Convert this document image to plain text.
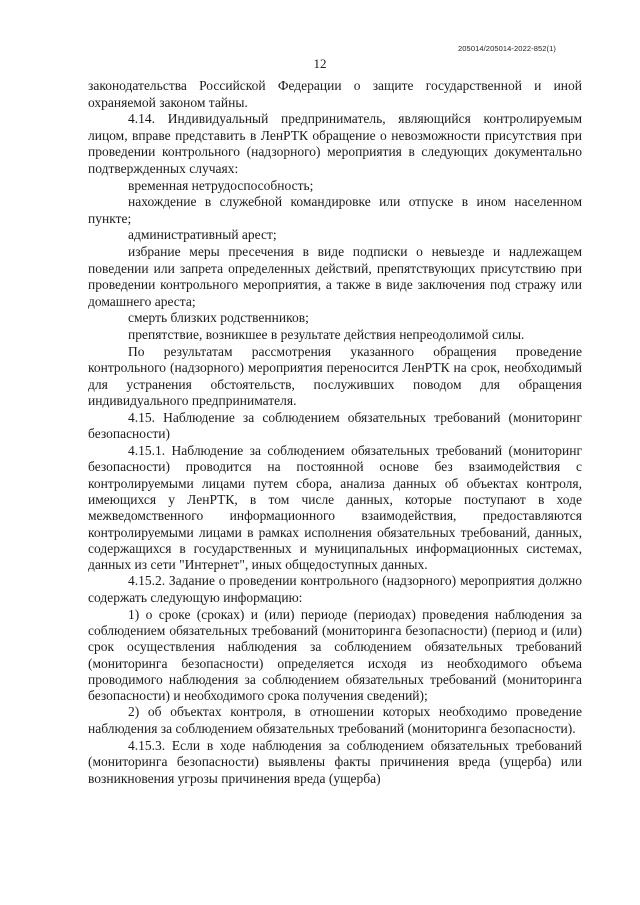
205014/205014-2022-852(1)
12

законодательства Российской Федерации о защите государственной и иной охраняемой законом тайны.

4.14. Индивидуальный предприниматель, являющийся контролируемым лицом, вправе представить в ЛенРТК обращение о невозможности присутствия при проведении контрольного (надзорного) мероприятия в следующих документально подтвержденных случаях:

временная нетрудоспособность;

нахождение в служебной командировке или отпуске в ином населенном пункте;

административный арест;

избрание меры пресечения в виде подписки о невыезде и надлежащем поведении или запрета определенных действий, препятствующих присутствию при проведении контрольного мероприятия, а также в виде заключения под стражу или домашнего ареста;

смерть близких родственников;

препятствие, возникшее в результате действия непреодолимой силы.

По результатам рассмотрения указанного обращения проведение контрольного (надзорного) мероприятия переносится ЛенРТК на срок, необходимый для устранения обстоятельств, послуживших поводом для обращения индивидуального предпринимателя.

4.15. Наблюдение за соблюдением обязательных требований (мониторинг безопасности)

4.15.1. Наблюдение за соблюдением обязательных требований (мониторинг безопасности) проводится на постоянной основе без взаимодействия с контролируемыми лицами путем сбора, анализа данных об объектах контроля, имеющихся у ЛенРТК, в том числе данных, которые поступают в ходе межведомственного информационного взаимодействия, предоставляются контролируемыми лицами в рамках исполнения обязательных требований, данных, содержащихся в государственных и муниципальных информационных системах, данных из сети "Интернет", иных общедоступных данных.

4.15.2. Задание о проведении контрольного (надзорного) мероприятия должно содержать следующую информацию:

1) о сроке (сроках) и (или) периоде (периодах) проведения наблюдения за соблюдением обязательных требований (мониторинга безопасности) (период и (или) срок осуществления наблюдения за соблюдением обязательных требований (мониторинга безопасности) определяется исходя из необходимого объема проводимого наблюдения за соблюдением обязательных требований (мониторинга безопасности) и необходимого срока получения сведений);

2) об объектах контроля, в отношении которых необходимо проведение наблюдения за соблюдением обязательных требований (мониторинга безопасности).

4.15.3. Если в ходе наблюдения за соблюдением обязательных требований (мониторинга безопасности) выявлены факты причинения вреда (ущерба) или возникновения угрозы причинения вреда (ущерба)
